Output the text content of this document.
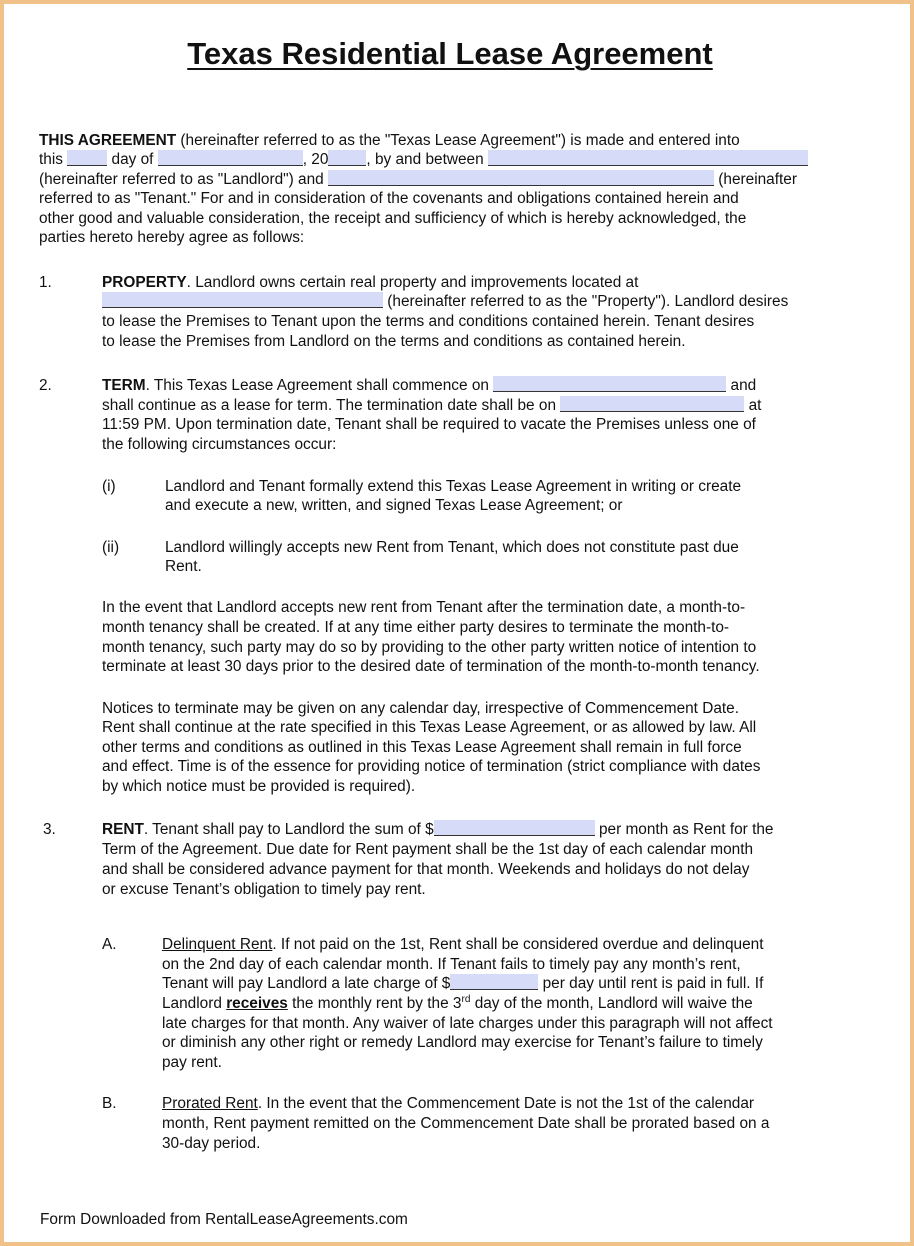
Texas Residential Lease Agreement
THIS AGREEMENT (hereinafter referred to as the "Texas Lease Agreement") is made and entered into
this	day of	, 20 , by and between
(hereinafter referred to as "Landlord") and	(hereinafter
referred to as "Tenant." For and in consideration of the covenants and obligations contained herein and
other good and valuable consideration, the receipt and sufficiency of which is hereby acknowledged, the
parties hereto hereby agree as follows:
1.	PROPERTY. Landlord owns certain real property and improvements located at
(hereinafter referred to as the "Property"). Landlord desires
to lease the Premises to Tenant upon the terms and conditions contained herein. Tenant desires
to lease the Premises from Landlord on the terms and conditions as contained herein.
2.	TERM. This Texas Lease Agreement shall commence on	and
shall continue as a lease for term. The termination date shall be on	at
11:59 PM. Upon termination date, Tenant shall be required to vacate the Premises unless one of
the following circumstances occur:
(i)	Landlord and Tenant formally extend this Texas Lease Agreement in writing or create
and execute a new, written, and signed Texas Lease Agreement; or
(ii)	Landlord willingly accepts new Rent from Tenant, which does not constitute past due
Rent.
In the event that Landlord accepts new rent from Tenant after the termination date, a month-to-
month tenancy shall be created. If at any time either party desires to terminate the month-to-
month tenancy, such party may do so by providing to the other party written notice of intention to
terminate at least 30 days prior to the desired date of termination of the month-to-month tenancy.
Notices to terminate may be given on any calendar day, irrespective of Commencement Date.
Rent shall continue at the rate specified in this Texas Lease Agreement, or as allowed by law. All
other terms and conditions as outlined in this Texas Lease Agreement shall remain in full force
and effect. Time is of the essence for providing notice of termination (strict compliance with dates
by which notice must be provided is required).
3.	RENT. Tenant shall pay to Landlord the sum of $	per month as Rent for the
Term of the Agreement. Due date for Rent payment shall be the 1st day of each calendar month
and shall be considered advance payment for that month. Weekends and holidays do not delay
or excuse Tenant’s obligation to timely pay rent.
A.	Delinquent Rent. If not paid on the 1st, Rent shall be considered overdue and delinquent
on the 2nd day of each calendar month. If Tenant fails to timely pay any month’s rent,
Tenant will pay Landlord a late charge of $	per day until rent is paid in full. If
Landlord receives the monthly rent by the 3rd day of the month, Landlord will waive the
late charges for that month. Any waiver of late charges under this paragraph will not affect
or diminish any other right or remedy Landlord may exercise for Tenant’s failure to timely
pay rent.
B.	Prorated Rent. In the event that the Commencement Date is not the 1st of the calendar
month, Rent payment remitted on the Commencement Date shall be prorated based on a
30-day period.
Form Downloaded from RentalLeaseAgreements.com
